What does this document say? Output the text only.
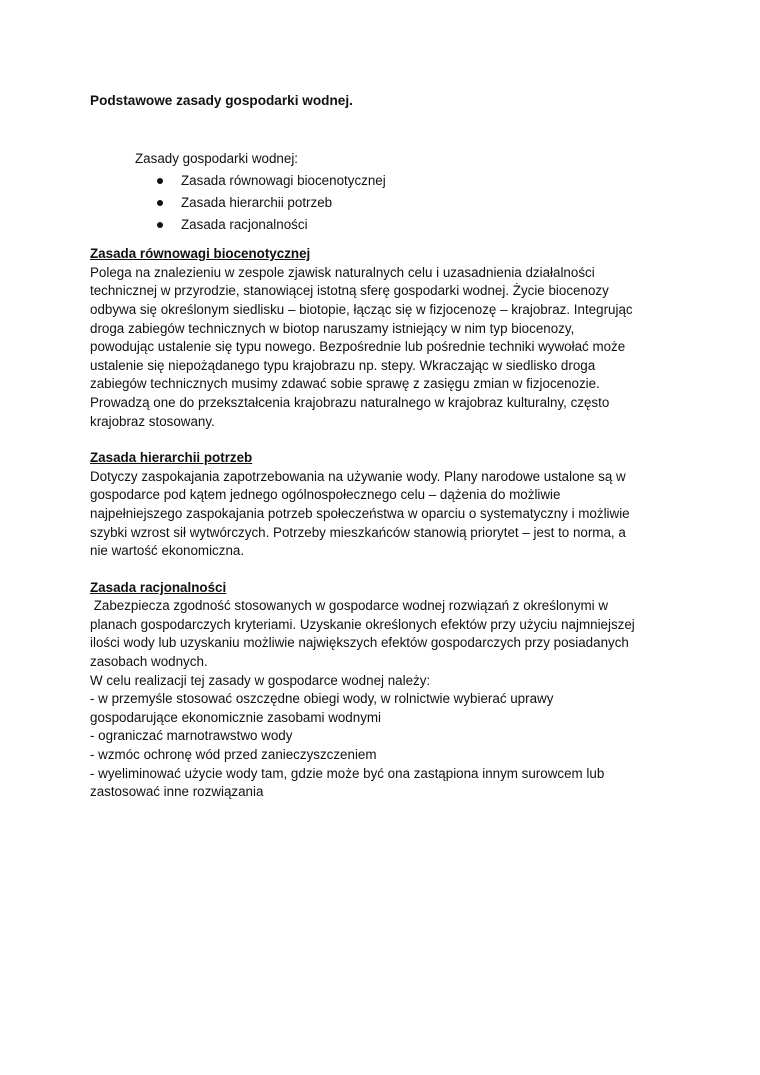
Podstawowe zasady gospodarki wodnej.

Zasady gospodarki wodnej:

Zasada równowagi biocenotycznej
Zasada hierarchii potrzeb
Zasada racjonalności

Zasada równowagi biocenotycznej

Polega na znalezieniu w zespole zjawisk naturalnych celu i uzasadnienia działalności
technicznej w przyrodzie, stanowiącej istotną sferę gospodarki wodnej. Życie biocenozy
odbywa się określonym siedlisku – biotopie, łącząc się w fizjocenozę – krajobraz. Integrując
droga zabiegów technicznych w biotop naruszamy istniejący w nim typ biocenozy,
powodując ustalenie się typu nowego. Bezpośrednie lub pośrednie techniki wywołać może
ustalenie się niepożądanego typu krajobrazu np. stepy. Wkraczając w siedlisko droga
zabiegów technicznych musimy zdawać sobie sprawę z zasięgu zmian w fizjocenozie.
Prowadzą one do przekształcenia krajobrazu naturalnego w krajobraz kulturalny, często
krajobraz stosowany.

Zasada hierarchii potrzeb

Dotyczy zaspokajania zapotrzebowania na używanie wody. Plany narodowe ustalone są w
gospodarce pod kątem jednego ogólnospołecznego celu – dążenia do możliwie
najpełniejszego zaspokajania potrzeb społeczeństwa w oparciu o systematyczny i możliwie
szybki wzrost sił wytwórczych. Potrzeby mieszkańców stanowią priorytet – jest to norma, a
nie wartość ekonomiczna.

Zasada racjonalności

Zabezpiecza zgodność stosowanych w gospodarce wodnej rozwiązań z określonymi w
planach gospodarczych kryteriami. Uzyskanie określonych efektów przy użyciu najmniejszej
ilości wody lub uzyskaniu możliwie największych efektów gospodarczych przy posiadanych
zasobach wodnych.
W celu realizacji tej zasady w gospodarce wodnej należy:
- w przemyśle stosować oszczędne obiegi wody, w rolnictwie wybierać uprawy
gospodarujące ekonomicznie zasobami wodnymi
- ograniczać marnotrawstwo wody
- wzmóc ochronę wód przed zanieczyszczeniem
- wyeliminować użycie wody tam, gdzie może być ona zastąpiona innym surowcem lub
zastosować inne rozwiązania
